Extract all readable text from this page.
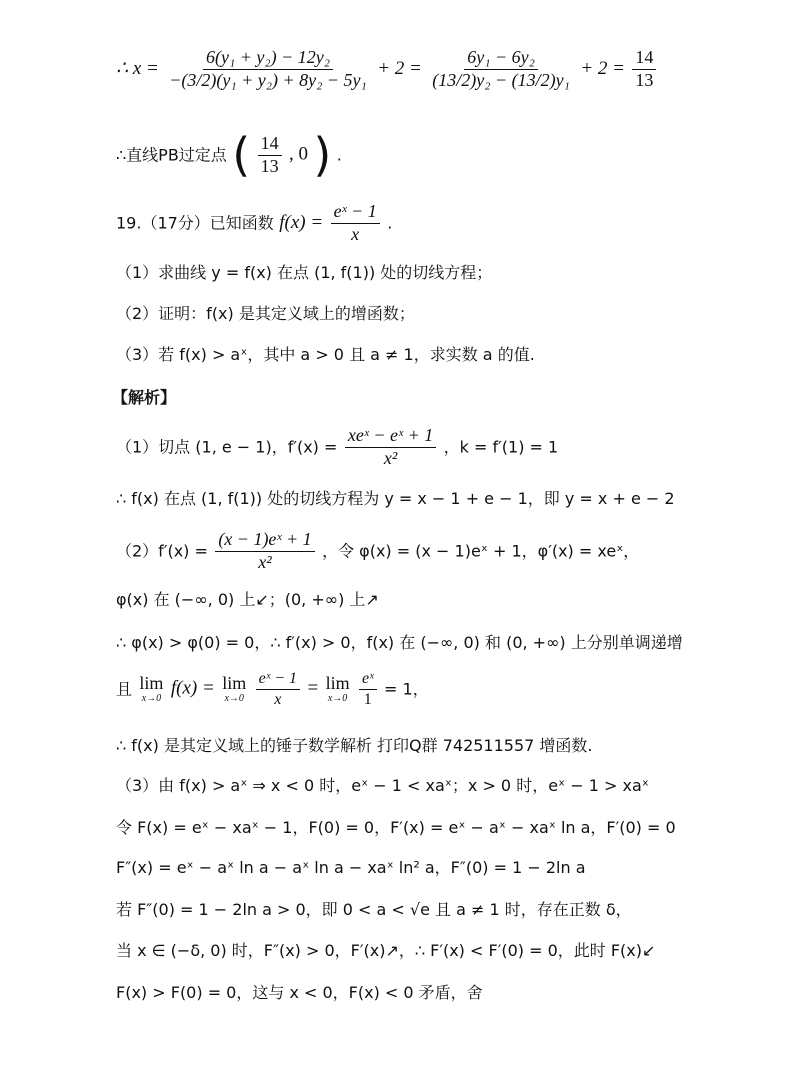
∴ $x = \frac{\text{6(y₁ + y₂) − 12y₂}}{\text{−(3/2)(y₁ + y₂) + 8y₂ − 5y₁}} + 2 = \frac{\text{6y₁ − 6y₂}}{\text{(13/2)y₂ − (13/2)y₁}} + 2 = \frac{14}{13}$
∴直线PB过定点 ( $\frac{14}{13}$ , 0 ) .
19.（17分）已知函数 $f(x) = \frac{\text{eˣ − 1}}{x}$ .
（1）求曲线 y = f(x) 在点 (1, f(1)) 处的切线方程；
（2）证明：f(x) 是其定义域上的增函数；
（3）若 f(x) > aˣ，其中 a > 0 且 a ≠ 1，求实数 a 的值.
【解析】
（1）切点 (1, e − 1)，$f'(x) = \frac{\text{xeˣ − eˣ + 1}}{\text{x²}}$ ，k = f′(1) = 1
∴ f(x) 在点 (1, f(1)) 处的切线方程为 y = x − 1 + e − 1，即 y = x + e − 2
$(2)f'(x) = \frac{\text{(x − 1)eˣ + 1}}{\text{x²}}$ ，令 φ(x) = (x − 1)eˣ + 1，φ′(x) = xeˣ，
φ(x) 在 (−∞, 0) 上↙；(0, +∞) 上↗
∴ φ(x) > φ(0) = 0，∴ f′(x) > 0，f(x) 在 (−∞, 0) 和 (0, +∞) 上分别单调递增
且 lim
x→0 f(x) = lim
x→0
$\frac{\text{eˣ − 1}}{x} = \lim$
x→0
$\frac{\text{eˣ}}{1} = 1$，
∴ f(x) 是其定义域上的锤子数学解析 打印Q群 742511557 增函数.
（3）由 f(x) > aˣ ⇒ x < 0 时，eˣ − 1 < xaˣ；x > 0 时，eˣ − 1 > xaˣ
令 F(x) = eˣ − xaˣ − 1，F(0) = 0，F′(x) = eˣ − aˣ − xaˣ ln a，F′(0) = 0
F″(x) = eˣ − aˣ ln a − aˣ ln a − xaˣ ln² a，F″(0) = 1 − 2ln a
若 F″(0) = 1 − 2ln a > 0，即 0 < a < √e 且 a ≠ 1 时，存在正数 δ，
当 x ∈ (−δ, 0) 时，F″(x) > 0，F′(x)↗，∴ F′(x) < F′(0) = 0，此时 F(x)↙
F(x) > F(0) = 0，这与 x < 0，F(x) < 0 矛盾，舍
